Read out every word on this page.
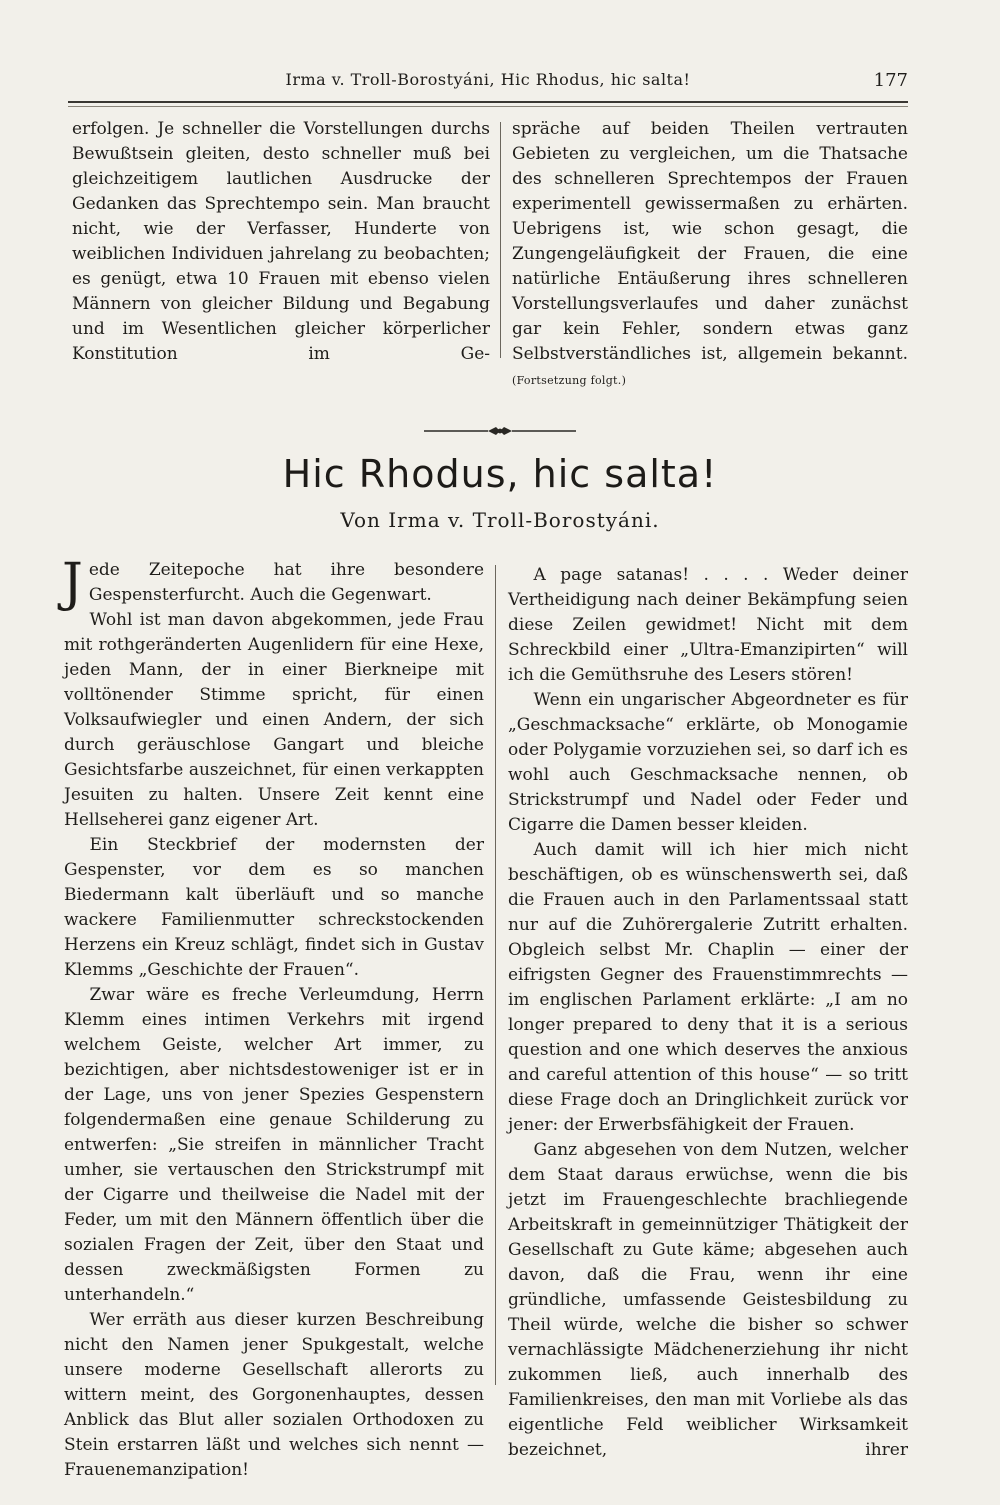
Irma v. Troll-Borostyáni, Hic Rhodus, hic salta!	177

erfolgen. Je schneller die Vorstellungen durchs Bewußtsein gleiten, desto schneller muß bei gleichzeitigem lautlichen Ausdrucke der Gedanken das Sprechtempo sein. Man braucht nicht, wie der Verfasser, Hunderte von weiblichen Individuen jahrelang zu beobachten; es genügt, etwa 10 Frauen mit ebenso vielen Männern von gleicher Bildung und Begabung und im Wesentlichen gleicher körperlicher Konstitution im Ge-

spräche auf beiden Theilen vertrauten Gebieten zu vergleichen, um die Thatsache des schnelleren Sprechtempos der Frauen experimentell gewissermaßen zu erhärten. Uebrigens ist, wie schon gesagt, die Zungengeläufigkeit der Frauen, die eine natürliche Entäußerung ihres schnelleren Vorstellungsverlaufes und daher zunächst gar kein Fehler, sondern etwas ganz Selbstverständliches ist, allgemein bekannt. (Fortsetzung folgt.)

Hic Rhodus, hic salta!
Von Irma v. Troll-Borostyáni.

Jede Zeitepoche hat ihre besondere Gespensterfurcht. Auch die Gegenwart.

Wohl ist man davon abgekommen, jede Frau mit rothgeränderten Augenlidern für eine Hexe, jeden Mann, der in einer Bierkneipe mit volltönender Stimme spricht, für einen Volksaufwiegler und einen Andern, der sich durch geräuschlose Gangart und bleiche Gesichtsfarbe auszeichnet, für einen verkappten Jesuiten zu halten. Unsere Zeit kennt eine Hellseherei ganz eigener Art.

Ein Steckbrief der modernsten der Gespenster, vor dem es so manchen Biedermann kalt überläuft und so manche wackere Familienmutter schreckstockenden Herzens ein Kreuz schlägt, findet sich in Gustav Klemms „Geschichte der Frauen“.

Zwar wäre es freche Verleumdung, Herrn Klemm eines intimen Verkehrs mit irgend welchem Geiste, welcher Art immer, zu bezichtigen, aber nichtsdestoweniger ist er in der Lage, uns von jener Spezies Gespenstern folgendermaßen eine genaue Schilderung zu entwerfen: „Sie streifen in männlicher Tracht umher, sie vertauschen den Strickstrumpf mit der Cigarre und theilweise die Nadel mit der Feder, um mit den Männern öffentlich über die sozialen Fragen der Zeit, über den Staat und dessen zweckmäßigsten Formen zu unterhandeln.“

Wer erräth aus dieser kurzen Beschreibung nicht den Namen jener Spukgestalt, welche unsere moderne Gesellschaft allerorts zu wittern meint, des Gorgonenhauptes, dessen Anblick das Blut aller sozialen Orthodoxen zu Stein erstarren läßt und welches sich nennt — Frauenemanzipation!

A page satanas! . . . . Weder deiner Vertheidigung nach deiner Bekämpfung seien diese Zeilen gewidmet! Nicht mit dem Schreckbild einer „Ultra-Emanzipirten“ will ich die Gemüthsruhe des Lesers stören!

Wenn ein ungarischer Abgeordneter es für „Geschmacksache“ erklärte, ob Monogamie oder Polygamie vorzuziehen sei, so darf ich es wohl auch Geschmacksache nennen, ob Strickstrumpf und Nadel oder Feder und Cigarre die Damen besser kleiden.

Auch damit will ich hier mich nicht beschäftigen, ob es wünschenswerth sei, daß die Frauen auch in den Parlamentssaal statt nur auf die Zuhörergalerie Zutritt erhalten. Obgleich selbst Mr. Chaplin — einer der eifrigsten Gegner des Frauenstimmrechts — im englischen Parlament erklärte: „I am no longer prepared to deny that it is a serious question and one which deserves the anxious and careful attention of this house“ — so tritt diese Frage doch an Dringlichkeit zurück vor jener: der Erwerbsfähigkeit der Frauen.

Ganz abgesehen von dem Nutzen, welcher dem Staat daraus erwüchse, wenn die bis jetzt im Frauengeschlechte brachliegende Arbeitskraft in gemeinnütziger Thätigkeit der Gesellschaft zu Gute käme; abgesehen auch davon, daß die Frau, wenn ihr eine gründliche, umfassende Geistesbildung zu Theil würde, welche die bisher so schwer vernachlässigte Mädchenerziehung ihr nicht zukommen ließ, auch innerhalb des Familienkreises, den man mit Vorliebe als das eigentliche Feld weiblicher Wirksamkeit bezeichnet, ihrer
